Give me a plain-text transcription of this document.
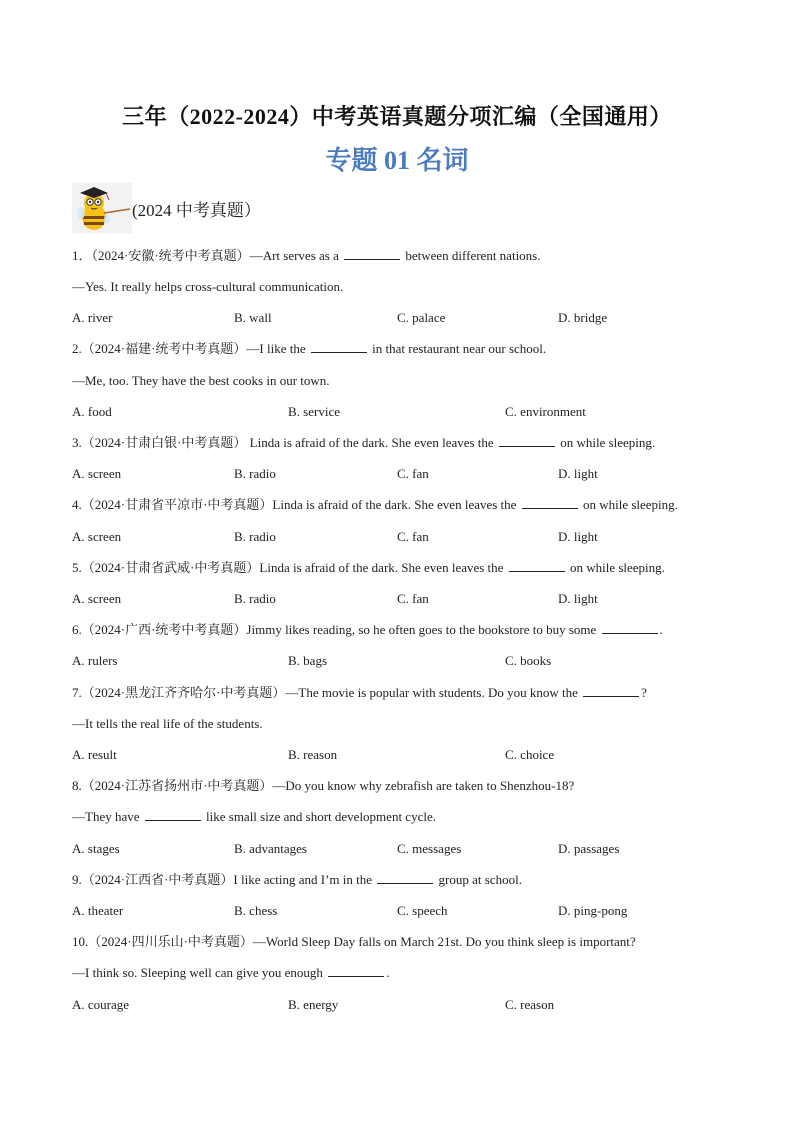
三年（2022-2024）中考英语真题分项汇编（全国通用）
专题 01 名词
(2024 中考真题）
1．（2024·安徽·统考中考真题）—Art serves as a	between different nations.
—Yes. It really helps cross-cultural communication.
A. river	B. wall	C. palace	D. bridge
2.（2024·福建·统考中考真题）—I like the	in that restaurant near our school.
—Me, too. They have the best cooks in our town.
A. food	B. service	C. environment
3.（2024·甘肃白银·中考真题） Linda is afraid of the dark. She even leaves the	on while sleeping.
A. screen	B. radio	C. fan	D. light
4.（2024·甘肃省平凉市·中考真题）Linda is afraid of the dark. She even leaves the	on while sleeping.
A. screen	B. radio	C. fan	D. light
5.（2024·甘肃省武威·中考真题）Linda is afraid of the dark. She even leaves the	on while sleeping.
A. screen	B. radio	C. fan	D. light
6.（2024·广西·统考中考真题）Jimmy likes reading, so he often goes to the bookstore to buy some	.
A. rulers	B. bags	C. books
7.（2024·黑龙江齐齐哈尔·中考真题）—The movie is popular with students. Do you know the	?
—It tells the real life of the students.
A. result	B. reason	C. choice
8.（2024·江苏省扬州市·中考真题）—Do you know why zebrafish are taken to Shenzhou-18?
—They have	like small size and short development cycle.
A. stages	B. advantages	C. messages	D. passages
9.（2024·江西省·中考真题）I like acting and I’m in the	group at school.
A. theater	B. chess	C. speech	D. ping-pong
10.（2024·四川乐山·中考真题）—World Sleep Day falls on March 21st. Do you think sleep is important?
—I think so. Sleeping well can give you enough	.
A. courage	B. energy	C. reason
